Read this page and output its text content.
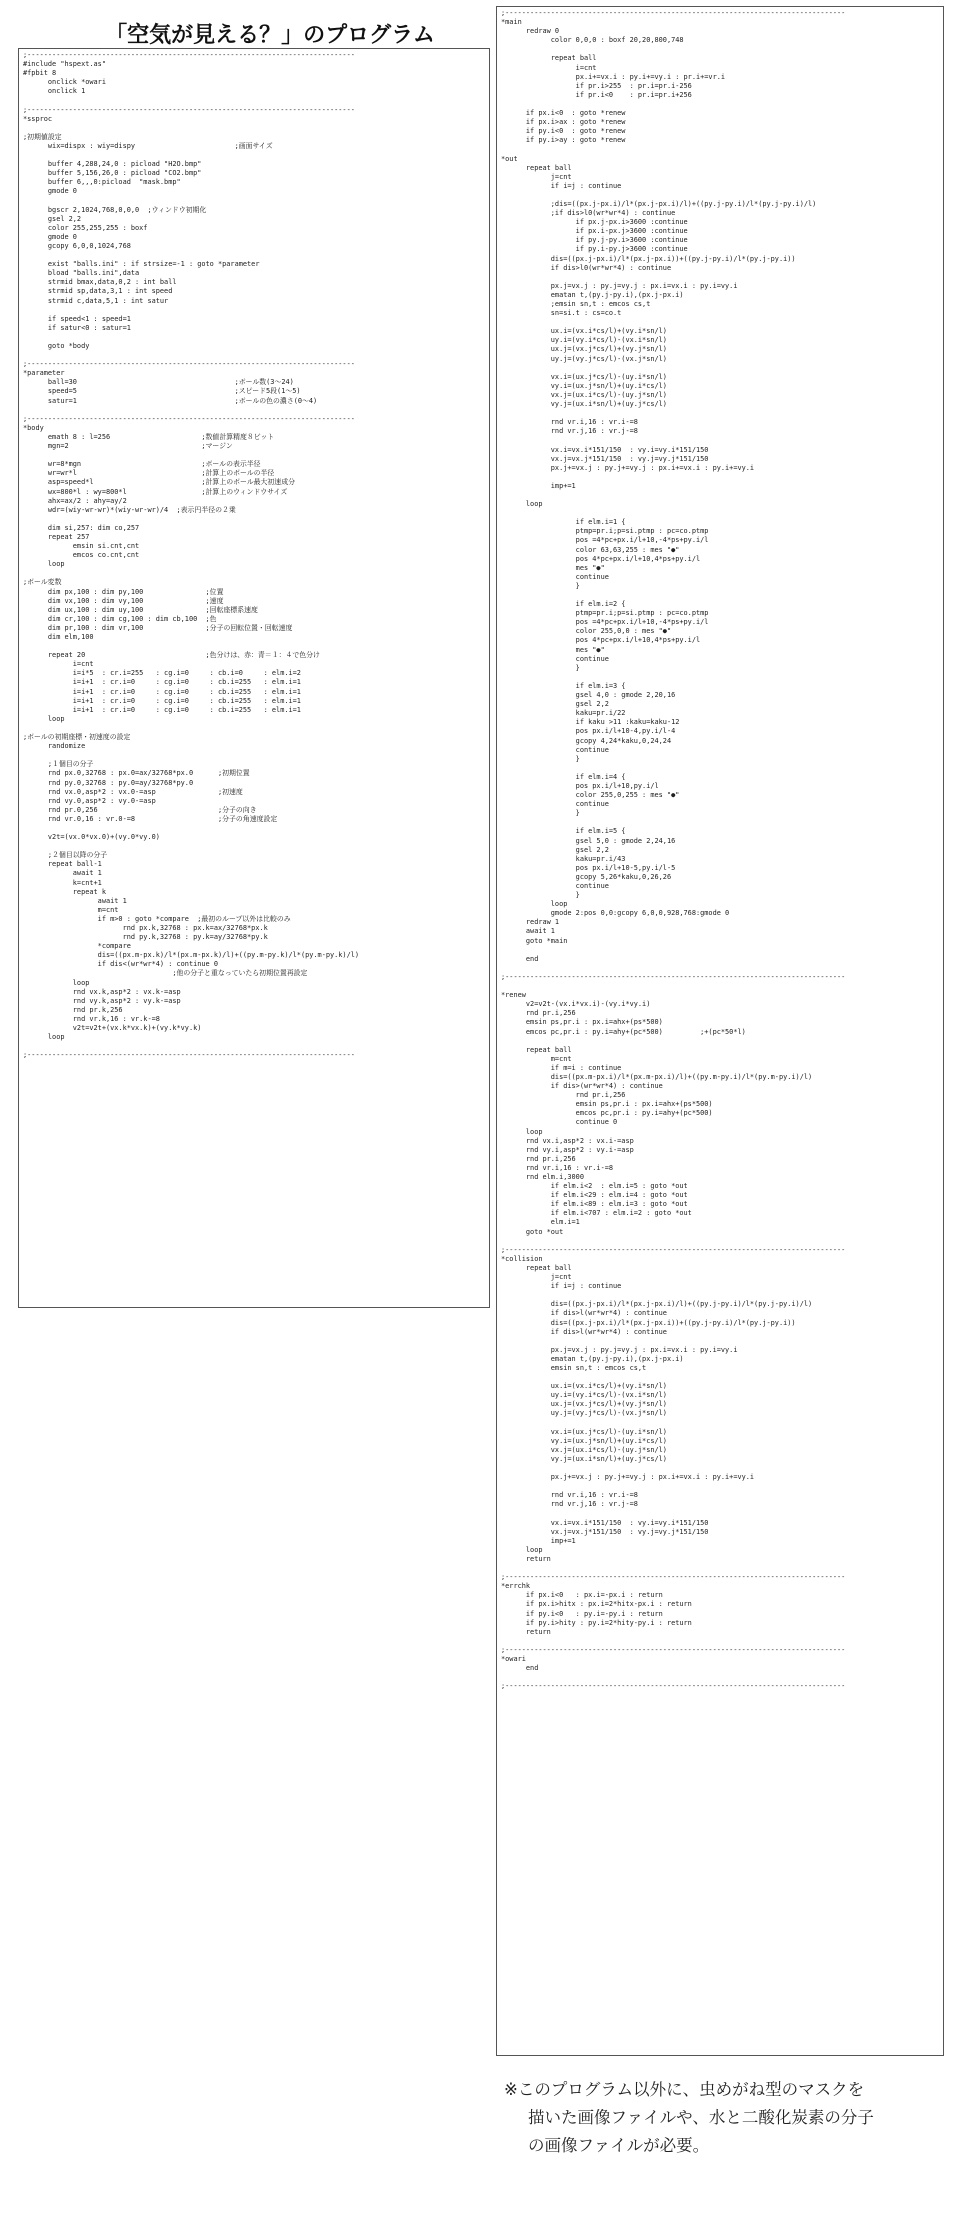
「空気が見える？」のプログラム
;-------------------------------------------------------------------------------
#include "hspext.as"
#fpbit 8
onclick *owari
onclick 1

;-------------------------------------------------------------------------------
*ssproc

;初期値設定
wix=dispx : wiy=dispy                        ;画面サイズ

buffer 4,288,24,0 : picload "H2O.bmp"
buffer 5,156,26,0 : picload "CO2.bmp"
buffer 6,,,0:picload  "mask.bmp"
gmode 0

bgscr 2,1024,768,0,0,0  ;ウィンドウ初期化
gsel 2,2
color 255,255,255 : boxf
gmode 0
gcopy 6,0,0,1024,768

exist "balls.ini" : if strsize=-1 : goto *parameter
bload "balls.ini",data
strmid bmax,data,0,2 : int ball
strmid sp,data,3,1 : int speed
strmid c,data,5,1 : int satur

if speed<1 : speed=1
if satur<0 : satur=1

goto *body

;-------------------------------------------------------------------------------
*parameter
ball=30                                      ;ボール数(3～24)
speed=5                                      ;スピード5段(1～5)
satur=1                                      ;ボールの色の濃さ(0～4)

;-------------------------------------------------------------------------------
*body
emath 8 : l=256                      ;数値計算精度８ビット
mgn=2                                ;マージン

wr=8*mgn                             ;ボールの表示半径
wr=wr*l                              ;計算上のボールの半径
asp=speed*l                          ;計算上のボール最大初速成分
wx=800*l : wy=800*l                  ;計算上のウィンドウサイズ
ahx=ax/2 : ahy=ay/2
wdr=(wiy-wr-wr)*(wiy-wr-wr)/4  ;表示円半径の２乗

dim si,257: dim co,257
repeat 257
emsin si.cnt,cnt
emcos co.cnt,cnt
loop

;ボール変数
dim px,100 : dim py,100               ;位置
dim vx,100 : dim vy,100               ;速度
dim ux,100 : dim uy,100               ;回転座標系速度
dim cr,100 : dim cg,100 : dim cb,100  ;色
dim pr,100 : dim vr,100               ;分子の回転位置・回転速度
dim elm,100

repeat 20                             ;色分けは、赤：青＝１：４で色分け
i=cnt
i=i*5  : cr.i=255   : cg.i=0     : cb.i=0     : elm.i=2
i=i+1  : cr.i=0     : cg.i=0     : cb.i=255   : elm.i=1
i=i+1  : cr.i=0     : cg.i=0     : cb.i=255   : elm.i=1
i=i+1  : cr.i=0     : cg.i=0     : cb.i=255   : elm.i=1
i=i+1  : cr.i=0     : cg.i=0     : cb.i=255   : elm.i=1
loop

;ボールの初期座標・初速度の設定
randomize

;１個目の分子
rnd px.0,32768 : px.0=ax/32768*px.0      ;初期位置
rnd py.0,32768 : py.0=ay/32768*py.0
rnd vx.0,asp*2 : vx.0-=asp               ;初速度
rnd vy.0,asp*2 : vy.0-=asp
rnd pr.0,256                             ;分子の向き
rnd vr.0,16 : vr.0-=8                    ;分子の角速度設定

v2t=(vx.0*vx.0)+(vy.0*vy.0)

;２個目以降の分子
repeat ball-1
await 1
k=cnt+1
repeat k
await 1
m=cnt
if m>0 : goto *compare  ;最初のループ以外は比較のみ
rnd px.k,32768 : px.k=ax/32768*px.k
rnd py.k,32768 : py.k=ay/32768*py.k
*compare
dis=((px.m-px.k)/l*(px.m-px.k)/l)+((py.m-py.k)/l*(py.m-py.k)/l)
if dis<(wr*wr*4) : continue 0
;他の分子と重なっていたら初期位置再設定
loop
rnd vx.k,asp*2 : vx.k-=asp
rnd vy.k,asp*2 : vy.k-=asp
rnd pr.k,256
rnd vr.k,16 : vr.k-=8
v2t=v2t+(vx.k*vx.k)+(vy.k*vy.k)
loop

;-------------------------------------------------------------------------------
;----------------------------------------------------------------------------------
*main
redraw 0
color 0,0,0 : boxf 20,20,800,748

repeat ball
i=cnt
px.i+=vx.i : py.i+=vy.i : pr.i+=vr.i
if pr.i>255  : pr.i=pr.i-256
if pr.i<0    : pr.i=pr.i+256

if px.i<0  : goto *renew
if px.i>ax : goto *renew
if py.i<0  : goto *renew
if py.i>ay : goto *renew

*out
repeat ball
j=cnt
if i=j : continue

;dis=((px.j-px.i)/l*(px.j-px.i)/l)+((py.j-py.i)/l*(py.j-py.i)/l)
;if dis>l0(wr*wr*4) : continue
if px.j-px.i>3600 :continue
if px.i-px.j>3600 :continue
if py.j-py.i>3600 :continue
if py.i-py.j>3600 :continue
dis=((px.j-px.i)/l*(px.j-px.i))+((py.j-py.i)/l*(py.j-py.i))
if dis>l0(wr*wr*4) : continue

px.j=vx.j : py.j=vy.j : px.i=vx.i : py.i=vy.i
ematan t,(py.j-py.i),(px.j-px.i)
;emsin sn,t : emcos cs,t
sn=si.t : cs=co.t

ux.i=(vx.i*cs/l)+(vy.i*sn/l)
uy.i=(vy.i*cs/l)-(vx.i*sn/l)
ux.j=(vx.j*cs/l)+(vy.j*sn/l)
uy.j=(vy.j*cs/l)-(vx.j*sn/l)

vx.i=(ux.j*cs/l)-(uy.i*sn/l)
vy.i=(ux.j*sn/l)+(uy.i*cs/l)
vx.j=(ux.i*cs/l)-(uy.j*sn/l)
vy.j=(ux.i*sn/l)+(uy.j*cs/l)

rnd vr.i,16 : vr.i-=8
rnd vr.j,16 : vr.j-=8

vx.i=vx.i*151/150  : vy.i=vy.i*151/150
vx.j=vx.j*151/150  : vy.j=vy.j*151/150
px.j+=vx.j : py.j+=vy.j : px.i+=vx.i : py.i+=vy.i

imp+=1

loop

if elm.i=1 {
ptmp=pr.i;p=si.ptmp : pc=co.ptmp
pos =4*pc+px.i/l+10,-4*ps+py.i/l
color 63,63,255 : mes "●"
pos 4*pc+px.i/l+10,4*ps+py.i/l
mes "●"
continue
}

if elm.i=2 {
ptmp=pr.i;p=si.ptmp : pc=co.ptmp
pos =4*pc+px.i/l+10,-4*ps+py.i/l
color 255,0,0 : mes "●"
pos 4*pc+px.i/l+10,4*ps+py.i/l
mes "●"
continue
}

if elm.i=3 {
gsel 4,0 : gmode 2,20,16
gsel 2,2
kaku=pr.i/22
if kaku >11 :kaku=kaku-12
pos px.i/l+10-4,py.i/l-4
gcopy 4,24*kaku,0,24,24
continue
}

if elm.i=4 {
pos px.i/l+10,py.i/l
color 255,0,255 : mes "●"
continue
}

if elm.i=5 {
gsel 5,0 : gmode 2,24,16
gsel 2,2
kaku=pr.i/43
pos px.i/l+10-5,py.i/l-5
gcopy 5,26*kaku,0,26,26
continue
}
loop
gmode 2:pos 0,0:gcopy 6,0,0,928,768:gmode 0
redraw 1
await 1
goto *main

end

;----------------------------------------------------------------------------------

*renew
v2=v2t-(vx.i*vx.i)-(vy.i*vy.i)
rnd pr.i,256
emsin ps,pr.i : px.i=ahx+(ps*500)
emcos pc,pr.i : py.i=ahy+(pc*500)         ;+(pc*50*l)

repeat ball
m=cnt
if m=i : continue
dis=((px.m-px.i)/l*(px.m-px.i)/l)+((py.m-py.i)/l*(py.m-py.i)/l)
if dis>(wr*wr*4) : continue
rnd pr.i,256
emsin ps,pr.i : px.i=ahx+(ps*500)
emcos pc,pr.i : py.i=ahy+(pc*500)
continue 0
loop
rnd vx.i,asp*2 : vx.i-=asp
rnd vy.i,asp*2 : vy.i-=asp
rnd pr.i,256
rnd vr.i,16 : vr.i-=8
rnd elm.i,3000
if elm.i<2  : elm.i=5 : goto *out
if elm.i<29 : elm.i=4 : goto *out
if elm.i<89 : elm.i=3 : goto *out
if elm.i<707 : elm.i=2 : goto *out
elm.i=1
goto *out

;----------------------------------------------------------------------------------
*collision
repeat ball
j=cnt
if i=j : continue

dis=((px.j-px.i)/l*(px.j-px.i)/l)+((py.j-py.i)/l*(py.j-py.i)/l)
if dis>l(wr*wr*4) : continue
dis=((px.j-px.i)/l*(px.j-px.i))+((py.j-py.i)/l*(py.j-py.i))
if dis>l(wr*wr*4) : continue

px.j=vx.j : py.j=vy.j : px.i=vx.i : py.i=vy.i
ematan t,(py.j-py.i),(px.j-px.i)
emsin sn,t : emcos cs,t

ux.i=(vx.i*cs/l)+(vy.i*sn/l)
uy.i=(vy.i*cs/l)-(vx.i*sn/l)
ux.j=(vx.j*cs/l)+(vy.j*sn/l)
uy.j=(vy.j*cs/l)-(vx.j*sn/l)

vx.i=(ux.j*cs/l)-(uy.i*sn/l)
vy.i=(ux.j*sn/l)+(uy.i*cs/l)
vx.j=(ux.i*cs/l)-(uy.j*sn/l)
vy.j=(ux.i*sn/l)+(uy.j*cs/l)

px.j+=vx.j : py.j+=vy.j : px.i+=vx.i : py.i+=vy.i

rnd vr.i,16 : vr.i-=8
rnd vr.j,16 : vr.j-=8

vx.i=vx.i*151/150  : vy.i=vy.i*151/150
vx.j=vx.j*151/150  : vy.j=vy.j*151/150
imp+=1
loop
return

;----------------------------------------------------------------------------------
*errchk
if px.i<0   : px.i=-px.i : return
if px.i>hitx : px.i=2*hitx-px.i : return
if py.i<0   : py.i=-py.i : return
if py.i>hity : py.i=2*hity-py.i : return
return

;----------------------------------------------------------------------------------
*owari
end

;----------------------------------------------------------------------------------
※このプログラム以外に、虫めがね型のマスクを
描いた画像ファイルや、水と二酸化炭素の分子
の画像ファイルが必要。
